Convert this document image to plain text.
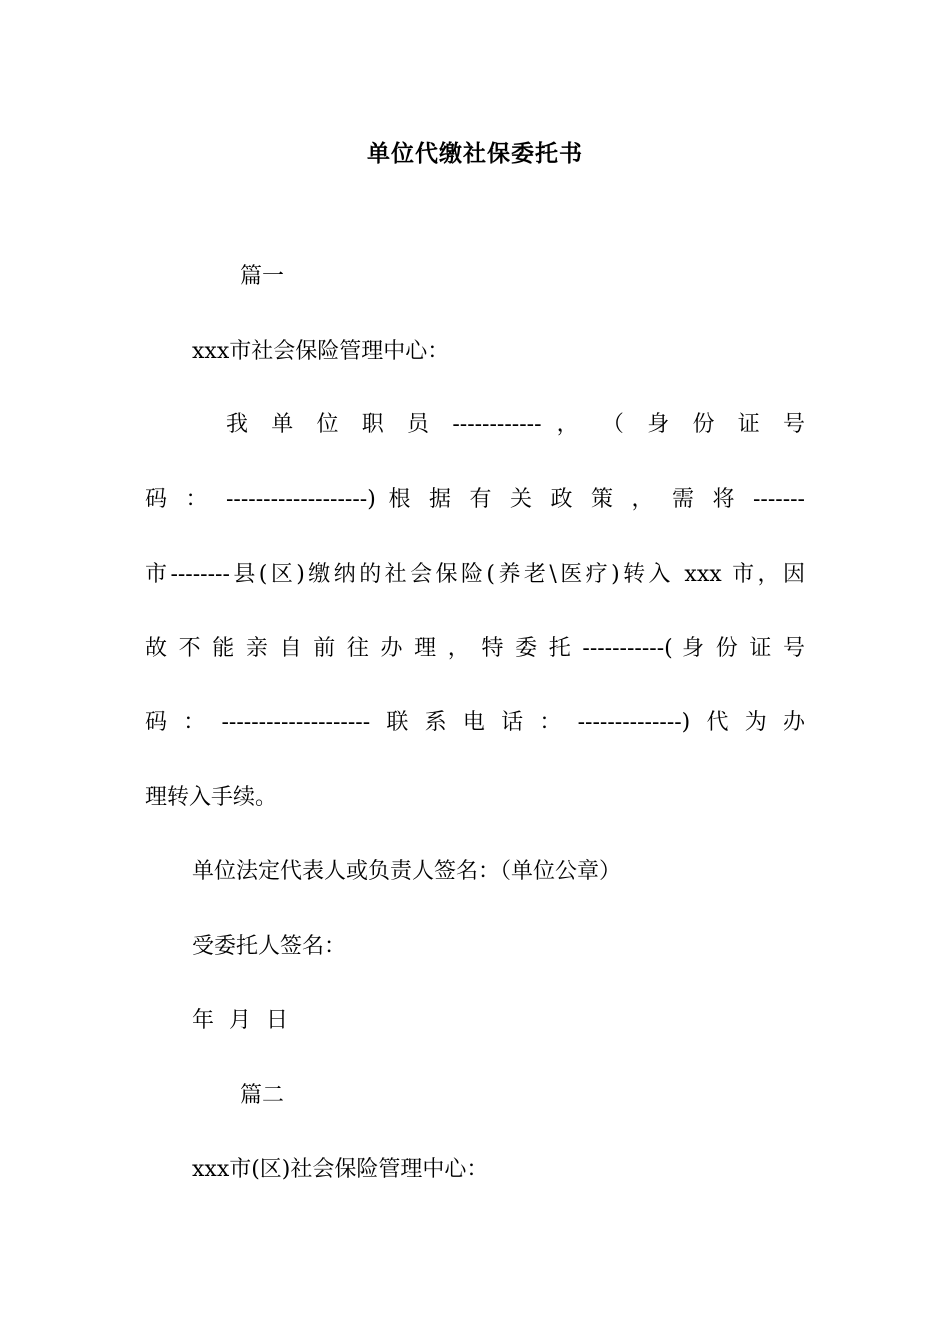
单位代缴社保委托书
篇一
xxx市社会保险管理中心：
我 单 位 职 员 ------------ ， （ 身 份 证 号
码 ： -------------------) 根 据 有 关 政 策 ， 需 将 -------
市--------县(区)缴纳的社会保险(养老\医疗)转入 xxx 市，因
故 不 能 亲 自 前 往 办 理 ， 特 委 托 -----------( 身 份 证 号
码：--------------------联系电话：--------------)代为办
理转入手续。
单位法定代表人或负责人签名：（单位公章）
受委托人签名：
年 月 日
篇二
xxx市(区)社会保险管理中心：
